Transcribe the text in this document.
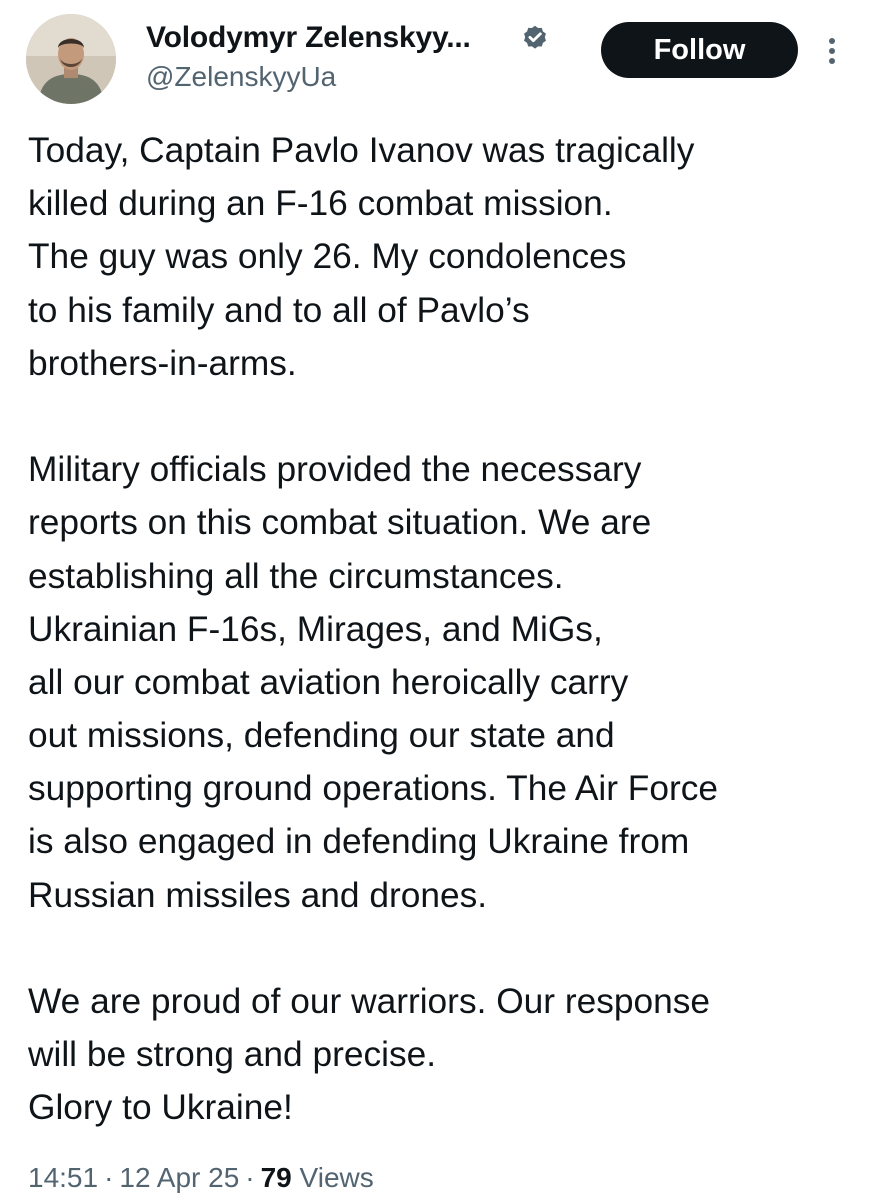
Volodymyr Zelenskyy...
@ZelenskyyUa
Follow
Today, Captain Pavlo Ivanov was tragically
killed during an F-16 combat mission.
The guy was only 26. My condolences
to his family and to all of Pavlo’s
brothers-in-arms.
Military officials provided the necessary
reports on this combat situation. We are
establishing all the circumstances.
Ukrainian F-16s, Mirages, and MiGs,
all our combat aviation heroically carry
out missions, defending our state and
supporting ground operations. The Air Force
is also engaged in defending Ukraine from
Russian missiles and drones.
We are proud of our warriors. Our response
will be strong and precise.
Glory to Ukraine!
14:51 · 12 Apr 25 · 79 Views
